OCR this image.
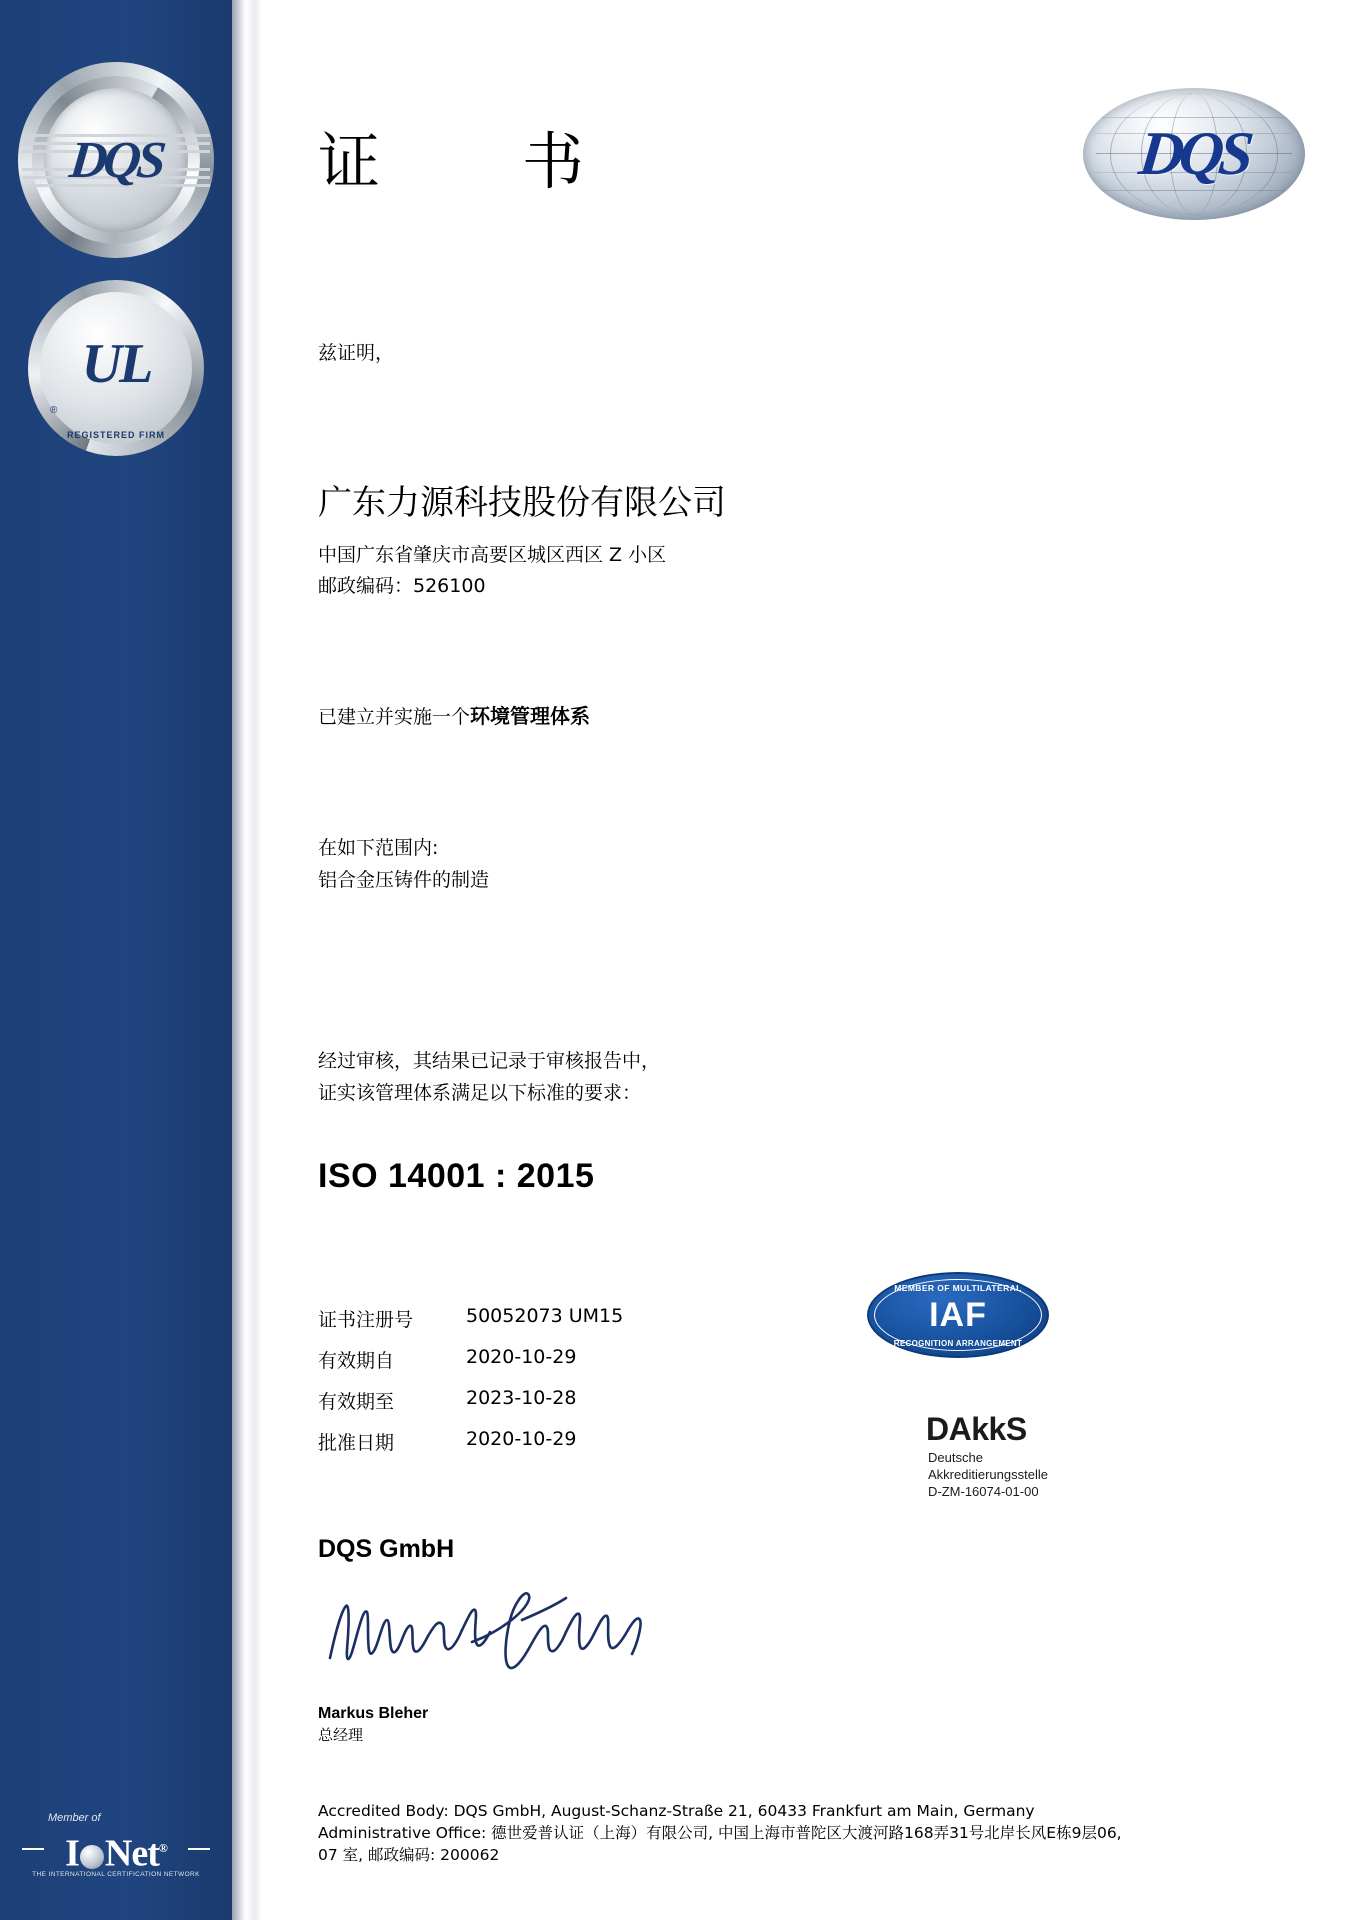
DQS
UL
®
REGISTERED FIRM
Member of
I Net®
THE INTERNATIONAL CERTIFICATION NETWORK
证　书	DQS
兹证明，
广东力源科技股份有限公司
中国广东省肇庆市高要区城区西区 Z 小区
邮政编码：526100
已建立并实施一个环境管理体系
在如下范围内:
铝合金压铸件的制造
经过审核，其结果已记录于审核报告中，
证实该管理体系满足以下标准的要求：
ISO 14001 : 2015
证书注册号	50052073 UM15
有效期自	2020-10-29
有效期至	2023-10-28
批准日期	2020-10-29
MEMBER OF MULTILATERAL
IAF
RECOGNITION ARRANGEMENT
DAkkS
Deutsche
Akkreditierungsstelle
D-ZM-16074-01-00
DQS GmbH
Markus Bleher
总经理
Accredited Body: DQS GmbH, August-Schanz-Straße 21, 60433 Frankfurt am Main, Germany
Administrative Office: 德世爱普认证（上海）有限公司, 中国上海市普陀区大渡河路168弄31号北岸长风E栋9层06,
07 室, 邮政编码: 200062
